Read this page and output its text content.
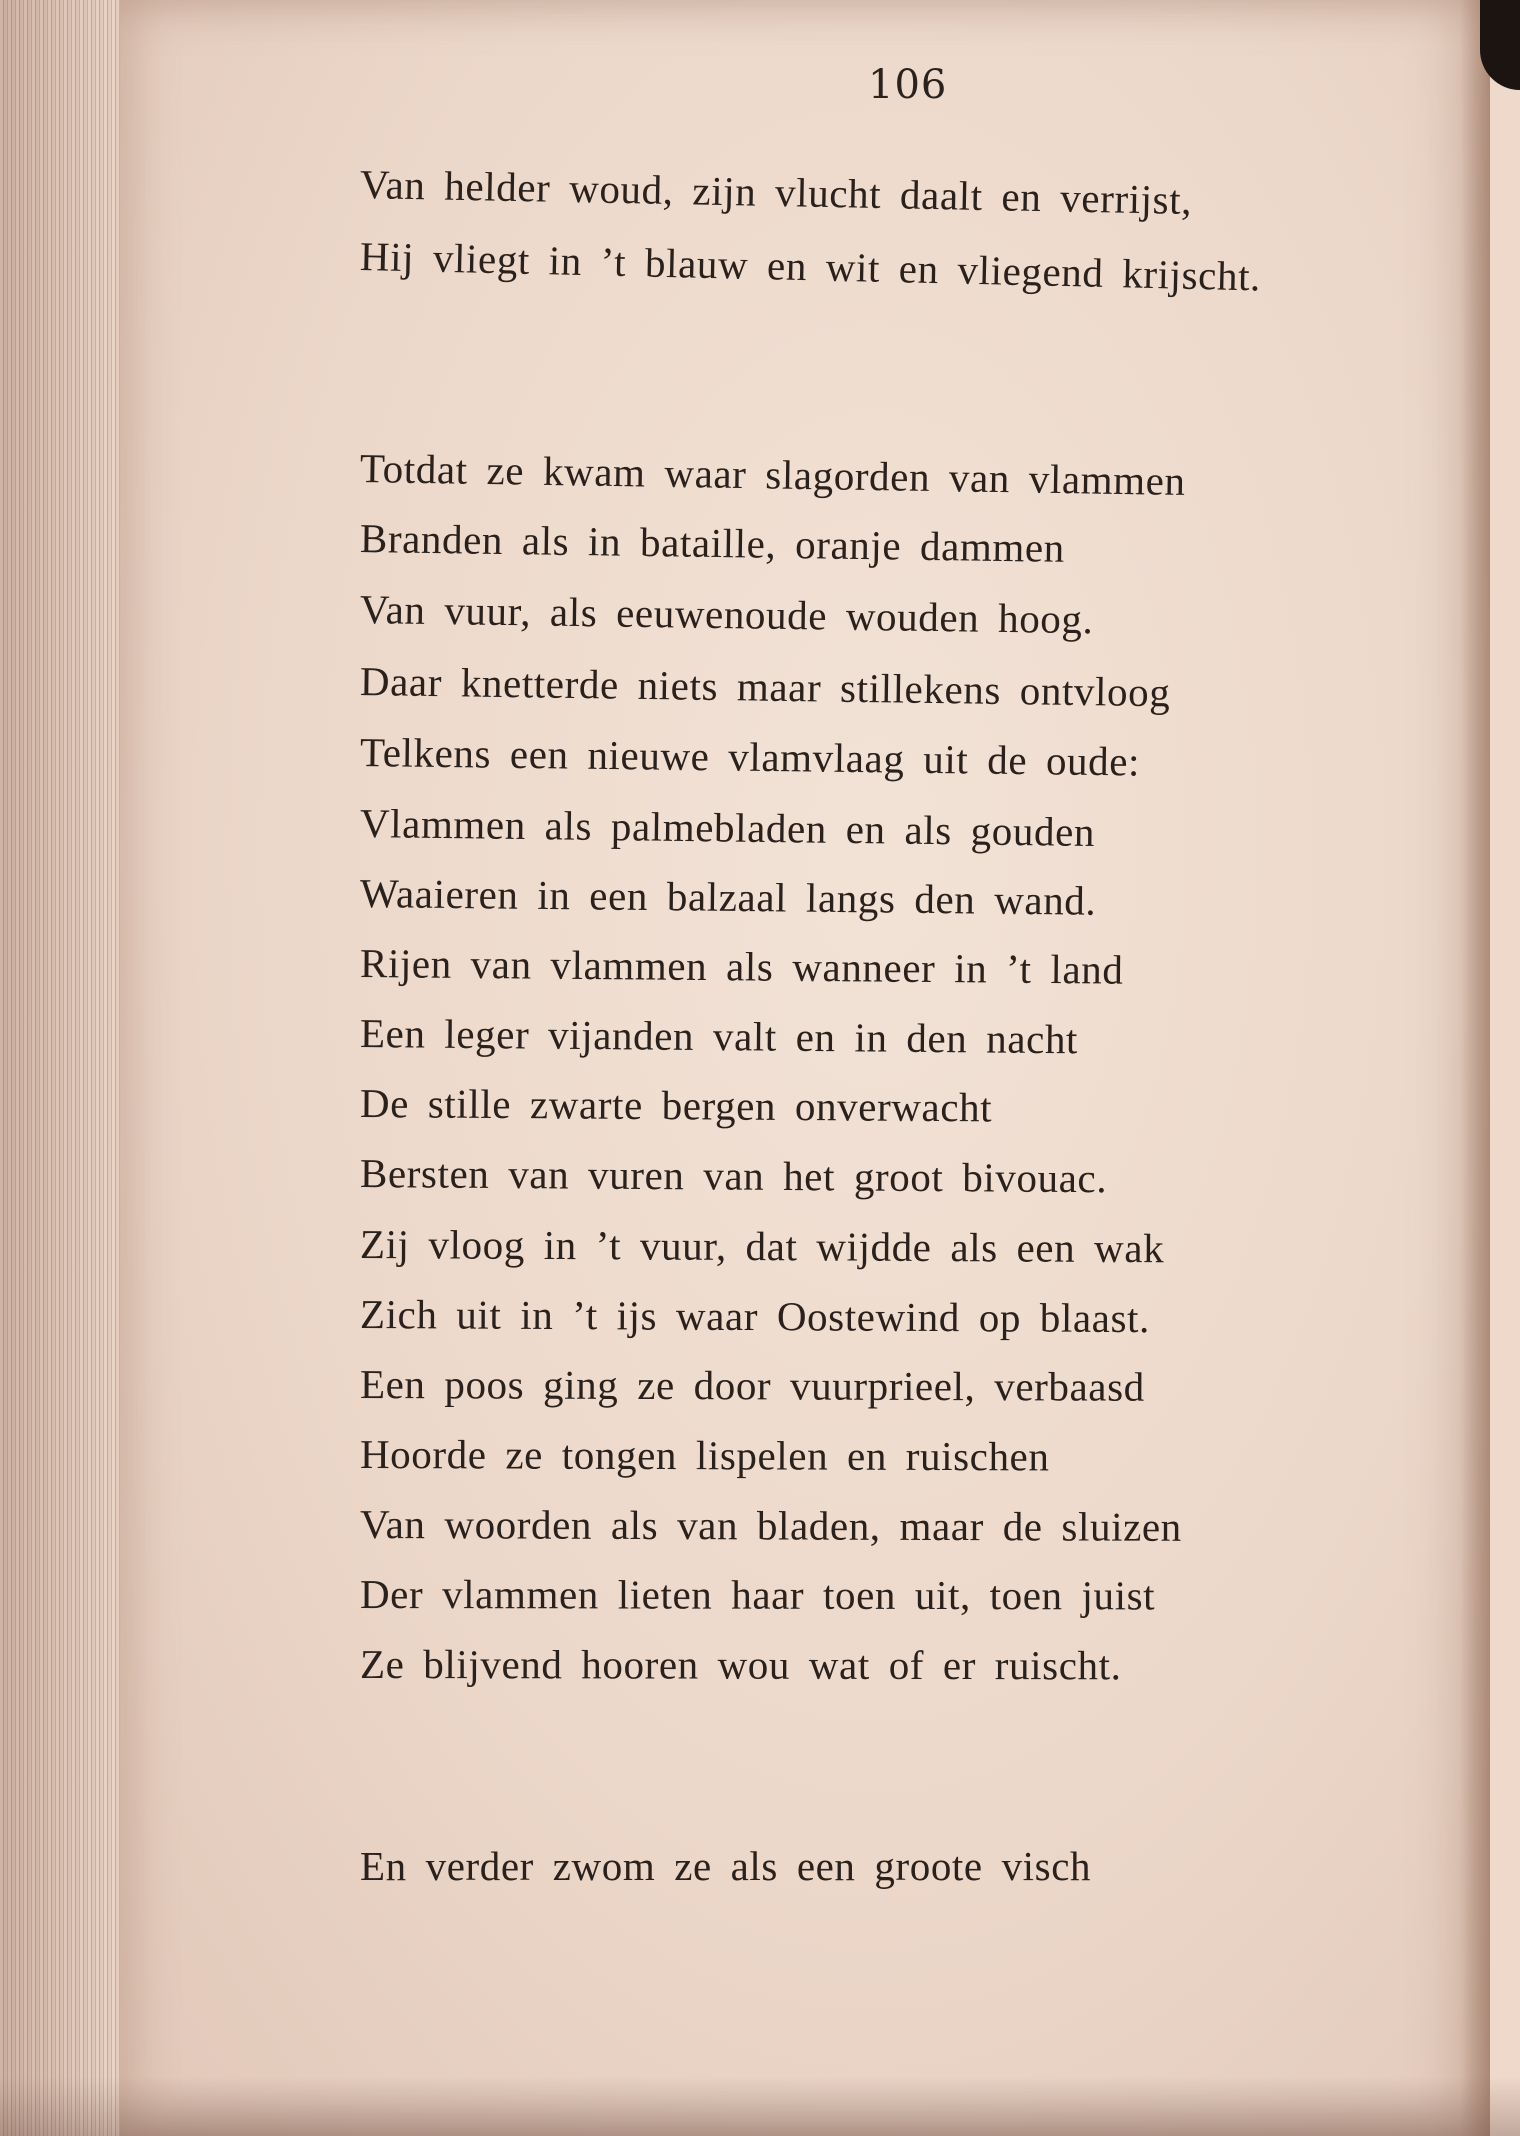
106
Van helder woud, zijn vlucht daalt en verrijst,
Hij vliegt in ’t blauw en wit en vliegend krijscht.
Totdat ze kwam waar slagorden van vlammen
Branden als in bataille, oranje dammen
Van vuur, als eeuwenoude wouden hoog.
Daar knetterde niets maar stillekens ontvloog
Telkens een nieuwe vlamvlaag uit de oude:
Vlammen als palmebladen en als gouden
Waaieren in een balzaal langs den wand.
Rijen van vlammen als wanneer in ’t land
Een leger vijanden valt en in den nacht
De stille zwarte bergen onverwacht
Bersten van vuren van het groot bivouac.
Zij vloog in ’t vuur, dat wijdde als een wak
Zich uit in ’t ijs waar Oostewind op blaast.
Een poos ging ze door vuurprieel, verbaasd
Hoorde ze tongen lispelen en ruischen
Van woorden als van bladen, maar de sluizen
Der vlammen lieten haar toen uit, toen juist
Ze blijvend hooren wou wat of er ruischt.
En verder zwom ze als een groote visch
